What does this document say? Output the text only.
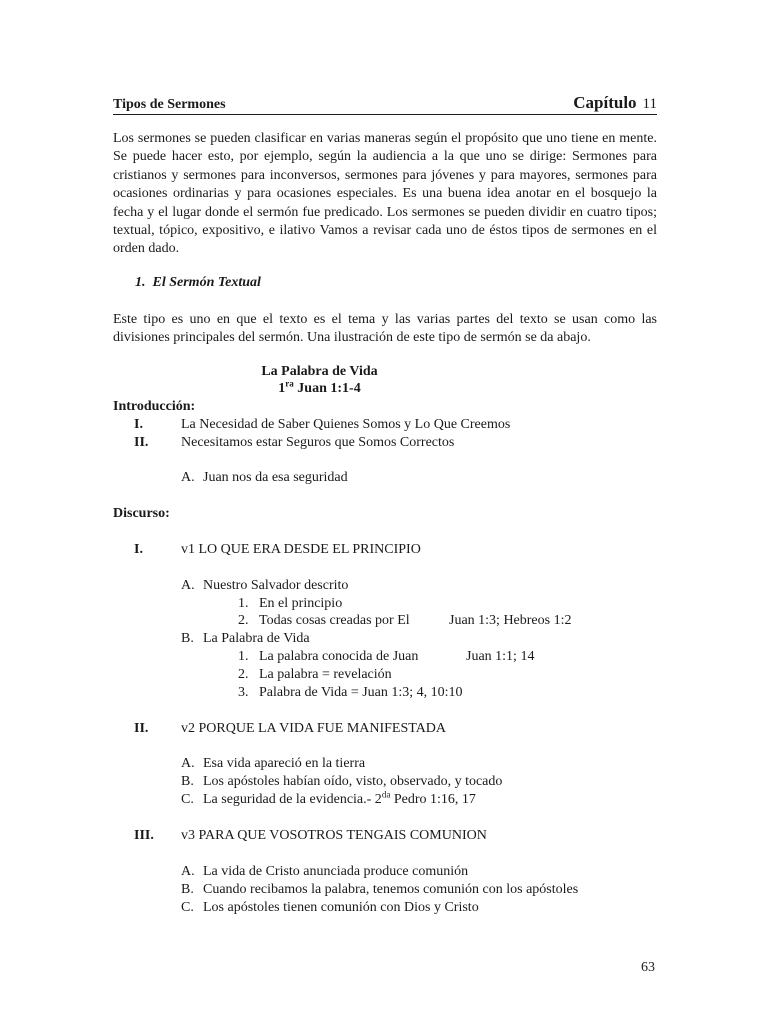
Tipos de Sermones	Capítulo 11

Los sermones se pueden clasificar en varias maneras según el propósito que uno tiene en mente. Se puede hacer esto, por ejemplo, según la audiencia a la que uno se dirige: Sermones para cristianos y sermones para inconversos, sermones para jóvenes y para mayores, sermones para ocasiones ordinarias y para ocasiones especiales. Es una buena idea anotar en el bosquejo la fecha y el lugar donde el sermón fue predicado. Los sermones se pueden dividir en cuatro tipos; textual, tópico, expositivo, e ilativo Vamos a revisar cada uno de éstos tipos de sermones en el orden dado.

1. El Sermón Textual

Este tipo es uno en que el texto es el tema y las varias partes del texto se usan como las divisiones principales del sermón. Una ilustración de este tipo de sermón se da abajo.

La Palabra de Vida
$1^{ra}$ Juan 1:1-4
Introducción:
I.	La Necesidad de Saber Quienes Somos y Lo Que Creemos
II. Necesitamos estar Seguros que Somos Correctos
A. Juan nos da esa seguridad
Discurso:
I.	v1 LO QUE ERA DESDE EL PRINCIPIO
A. Nuestro Salvador descrito
1. En el principio
2. Todas cosas creadas por El	Juan 1:3; Hebreos 1:2
B. La Palabra de Vida
1. La palabra conocida de Juan	Juan 1:1; 14
2. La palabra = revelación
3. Palabra de Vida = Juan 1:3; 4, 10:10
II. v2 PORQUE LA VIDA FUE MANIFESTADA
A. Esa vida apareció en la tierra
B. Los apóstoles habían oído, visto, observado, y tocado
C. La seguridad de la evidencia.- $2^{da}$ Pedro 1:16, 17
III. v3 PARA QUE VOSOTROS TENGAIS COMUNION
A. La vida de Cristo anunciada produce comunión
B. Cuando recibamos la palabra, tenemos comunión con los apóstoles
C. Los apóstoles tienen comunión con Dios y Cristo
63
